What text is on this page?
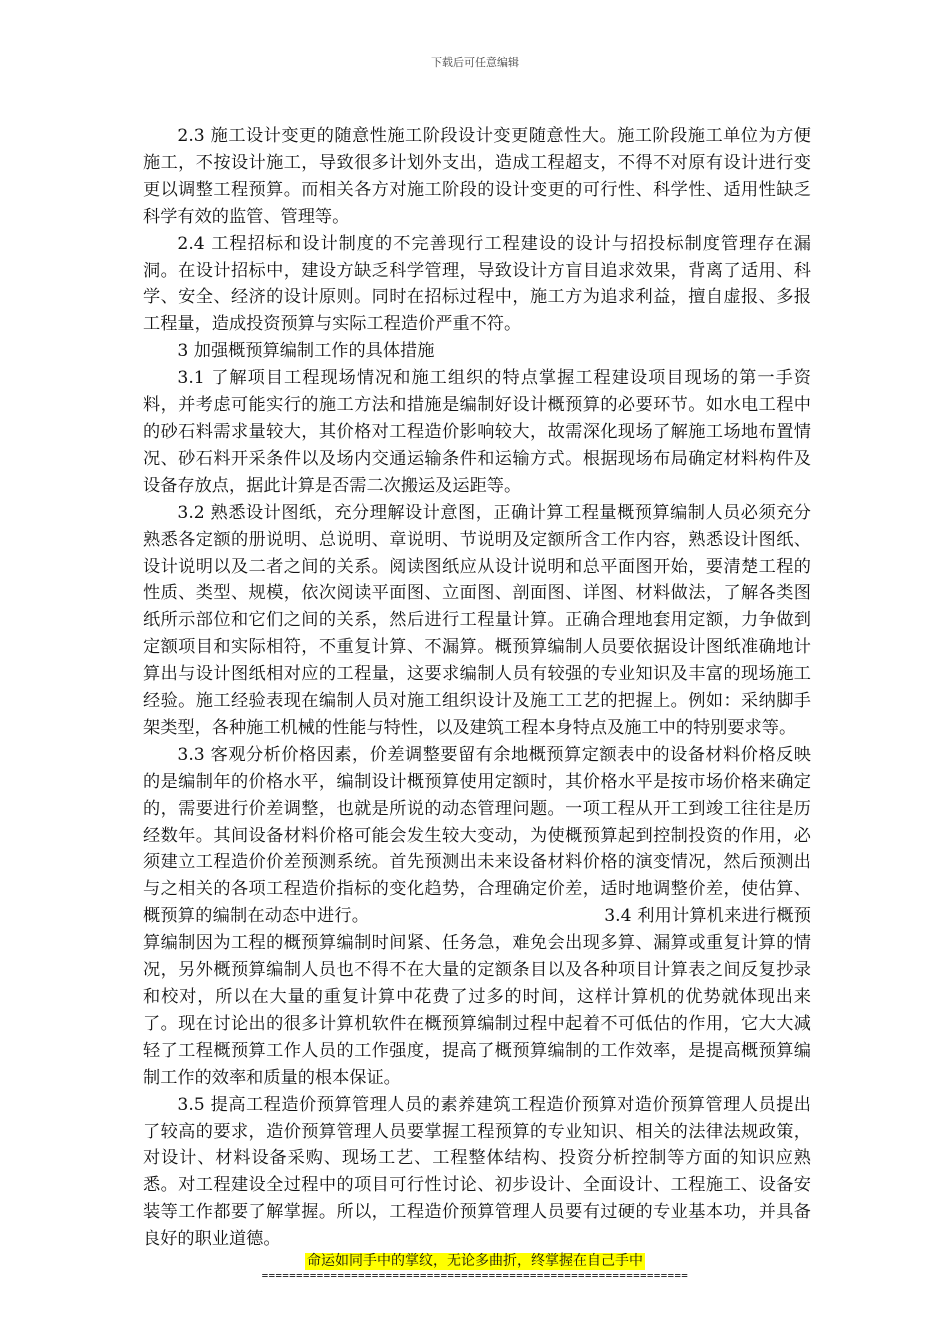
下载后可任意编辑

2.3 施工设计变更的随意性施工阶段设计变更随意性大。施工阶段施工单位为方便施工，不按设计施工，导致很多计划外支出，造成工程超支，不得不对原有设计进行变更以调整工程预算。而相关各方对施工阶段的设计变更的可行性、科学性、适用性缺乏科学有效的监管、管理等。

2.4 工程招标和设计制度的不完善现行工程建设的设计与招投标制度管理存在漏洞。在设计招标中，建设方缺乏科学管理，导致设计方盲目追求效果，背离了适用、科学、安全、经济的设计原则。同时在招标过程中，施工方为追求利益，擅自虚报、多报工程量，造成投资预算与实际工程造价严重不符。

3 加强概预算编制工作的具体措施

3.1 了解项目工程现场情况和施工组织的特点掌握工程建设项目现场的第一手资料，并考虑可能实行的施工方法和措施是编制好设计概预算的必要环节。如水电工程中的砂石料需求量较大，其价格对工程造价影响较大，故需深化现场了解施工场地布置情况、砂石料开采条件以及场内交通运输条件和运输方式。根据现场布局确定材料构件及设备存放点，据此计算是否需二次搬运及运距等。

3.2 熟悉设计图纸，充分理解设计意图，正确计算工程量概预算编制人员必须充分熟悉各定额的册说明、总说明、章说明、节说明及定额所含工作内容，熟悉设计图纸、设计说明以及二者之间的关系。阅读图纸应从设计说明和总平面图开始，要清楚工程的性质、类型、规模，依次阅读平面图、立面图、剖面图、详图、材料做法，了解各类图纸所示部位和它们之间的关系，然后进行工程量计算。正确合理地套用定额，力争做到定额项目和实际相符，不重复计算、不漏算。概预算编制人员要依据设计图纸准确地计算出与设计图纸相对应的工程量，这要求编制人员有较强的专业知识及丰富的现场施工经验。施工经验表现在编制人员对施工组织设计及施工工艺的把握上。例如：采纳脚手架类型，各种施工机械的性能与特性，以及建筑工程本身特点及施工中的特别要求等。

3.3 客观分析价格因素，价差调整要留有余地概预算定额表中的设备材料价格反映的是编制年的价格水平，编制设计概预算使用定额时，其价格水平是按市场价格来确定的，需要进行价差调整，也就是所说的动态管理问题。一项工程从开工到竣工往往是历经数年。其间设备材料价格可能会发生较大变动，为使概预算起到控制投资的作用，必须建立工程造价价差预测系统。首先预测出未来设备材料价格的演变情况，然后预测出与之相关的各项工程造价指标的变化趋势，合理确定价差，适时地调整价差，使估算、概预算的编制在动态中进行。　　　　　　　　　　　　　　3.4 利用计算机来进行概预算编制因为工程的概预算编制时间紧、任务急，难免会出现多算、漏算或重复计算的情况，另外概预算编制人员也不得不在大量的定额条目以及各种项目计算表之间反复抄录和校对，所以在大量的重复计算中花费了过多的时间，这样计算机的优势就体现出来了。现在讨论出的很多计算机软件在概预算编制过程中起着不可低估的作用，它大大减轻了工程概预算工作人员的工作强度，提高了概预算编制的工作效率，是提高概预算编制工作的效率和质量的根本保证。

3.5 提高工程造价预算管理人员的素养建筑工程造价预算对造价预算管理人员提出了较高的要求，造价预算管理人员要掌握工程预算的专业知识、相关的法律法规政策，对设计、材料设备采购、现场工艺、工程整体结构、投资分析控制等方面的知识应熟悉。对工程建设全过程中的项目可行性讨论、初步设计、全面设计、工程施工、设备安装等工作都要了解掌握。所以，工程造价预算管理人员要有过硬的专业基本功，并具备良好的职业道德。

命运如同手中的掌纹，无论多曲折，终掌握在自己手中
==============================================================
